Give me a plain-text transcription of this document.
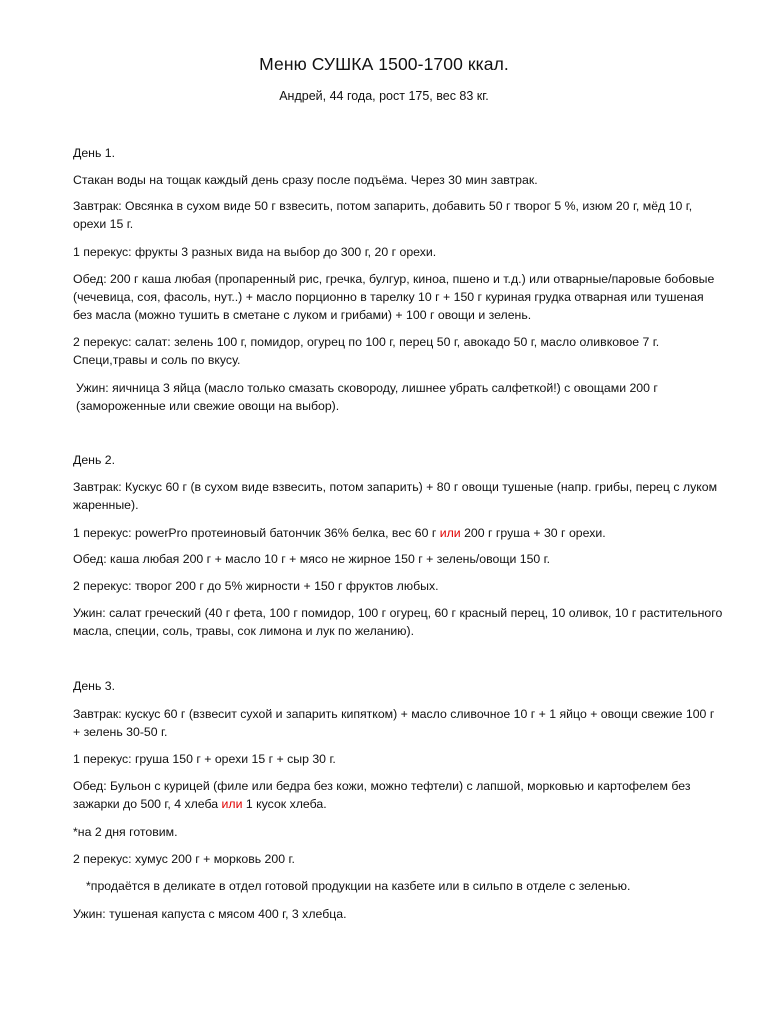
Меню СУШКА 1500-1700 ккал.
Андрей, 44 года, рост 175, вес 83 кг.
День 1.
Стакан воды на тощак каждый день сразу после подъёма. Через 30 мин завтрак.
Завтрак: Овсянка в сухом виде 50 г взвесить, потом запарить, добавить 50 г творог 5 %, изюм 20 г, мёд 10 г, орехи 15 г.
1 перекус: фрукты 3 разных вида на выбор до 300 г, 20 г орехи.
Обед: 200 г каша любая (пропаренный рис, гречка, булгур, киноа, пшено и т.д.) или отварные/паровые бобовые (чечевица, соя, фасоль, нут..) + масло порционно в тарелку 10 г + 150 г куриная грудка отварная или тушеная без масла (можно тушить в сметане с луком и грибами) + 100 г овощи и зелень.
2 перекус: салат: зелень 100 г, помидор, огурец по 100 г, перец 50 г, авокадо 50 г, масло оливковое 7 г. Специ,травы и соль по вкусу.
Ужин: яичница 3 яйца (масло только смазать сковороду, лишнее убрать салфеткой!) с овощами 200 г (замороженные или свежие овощи на выбор).
День 2.
Завтрак: Кускус 60 г (в сухом виде взвесить, потом запарить) + 80 г овощи тушеные (напр. грибы, перец с луком жаренные).
1 перекус: powerPro протеиновый батончик 36% белка, вес 60 г или 200 г груша + 30 г орехи.
Обед: каша любая 200 г + масло 10 г + мясо не жирное 150 г + зелень/овощи 150 г.
2 перекус: творог 200 г до 5% жирности + 150 г фруктов любых.
Ужин: салат греческий (40 г фета, 100 г помидор, 100 г огурец, 60 г красный перец, 10 оливок, 10 г растительного масла, специи, соль, травы, сок лимона и лук по желанию).
День 3.
Завтрак: кускус 60 г (взвесит сухой и запарить кипятком) + масло сливочное 10 г + 1 яйцо + овощи свежие 100 г + зелень 30-50 г.
1 перекус: груша 150 г + орехи 15 г + сыр 30 г.
Обед: Бульон с курицей (филе или бедра без кожи, можно тефтели) с лапшой, морковью и картофелем без зажарки до 500 г, 4 хлеба или 1 кусок хлеба.
*на 2 дня готовим.
2 перекус: хумус 200 г + морковь 200 г.
*продаётся в деликате в отдел готовой продукции на казбете или в сильпо в отделе с зеленью.
Ужин: тушеная капуста с мясом 400 г, 3 хлебца.
